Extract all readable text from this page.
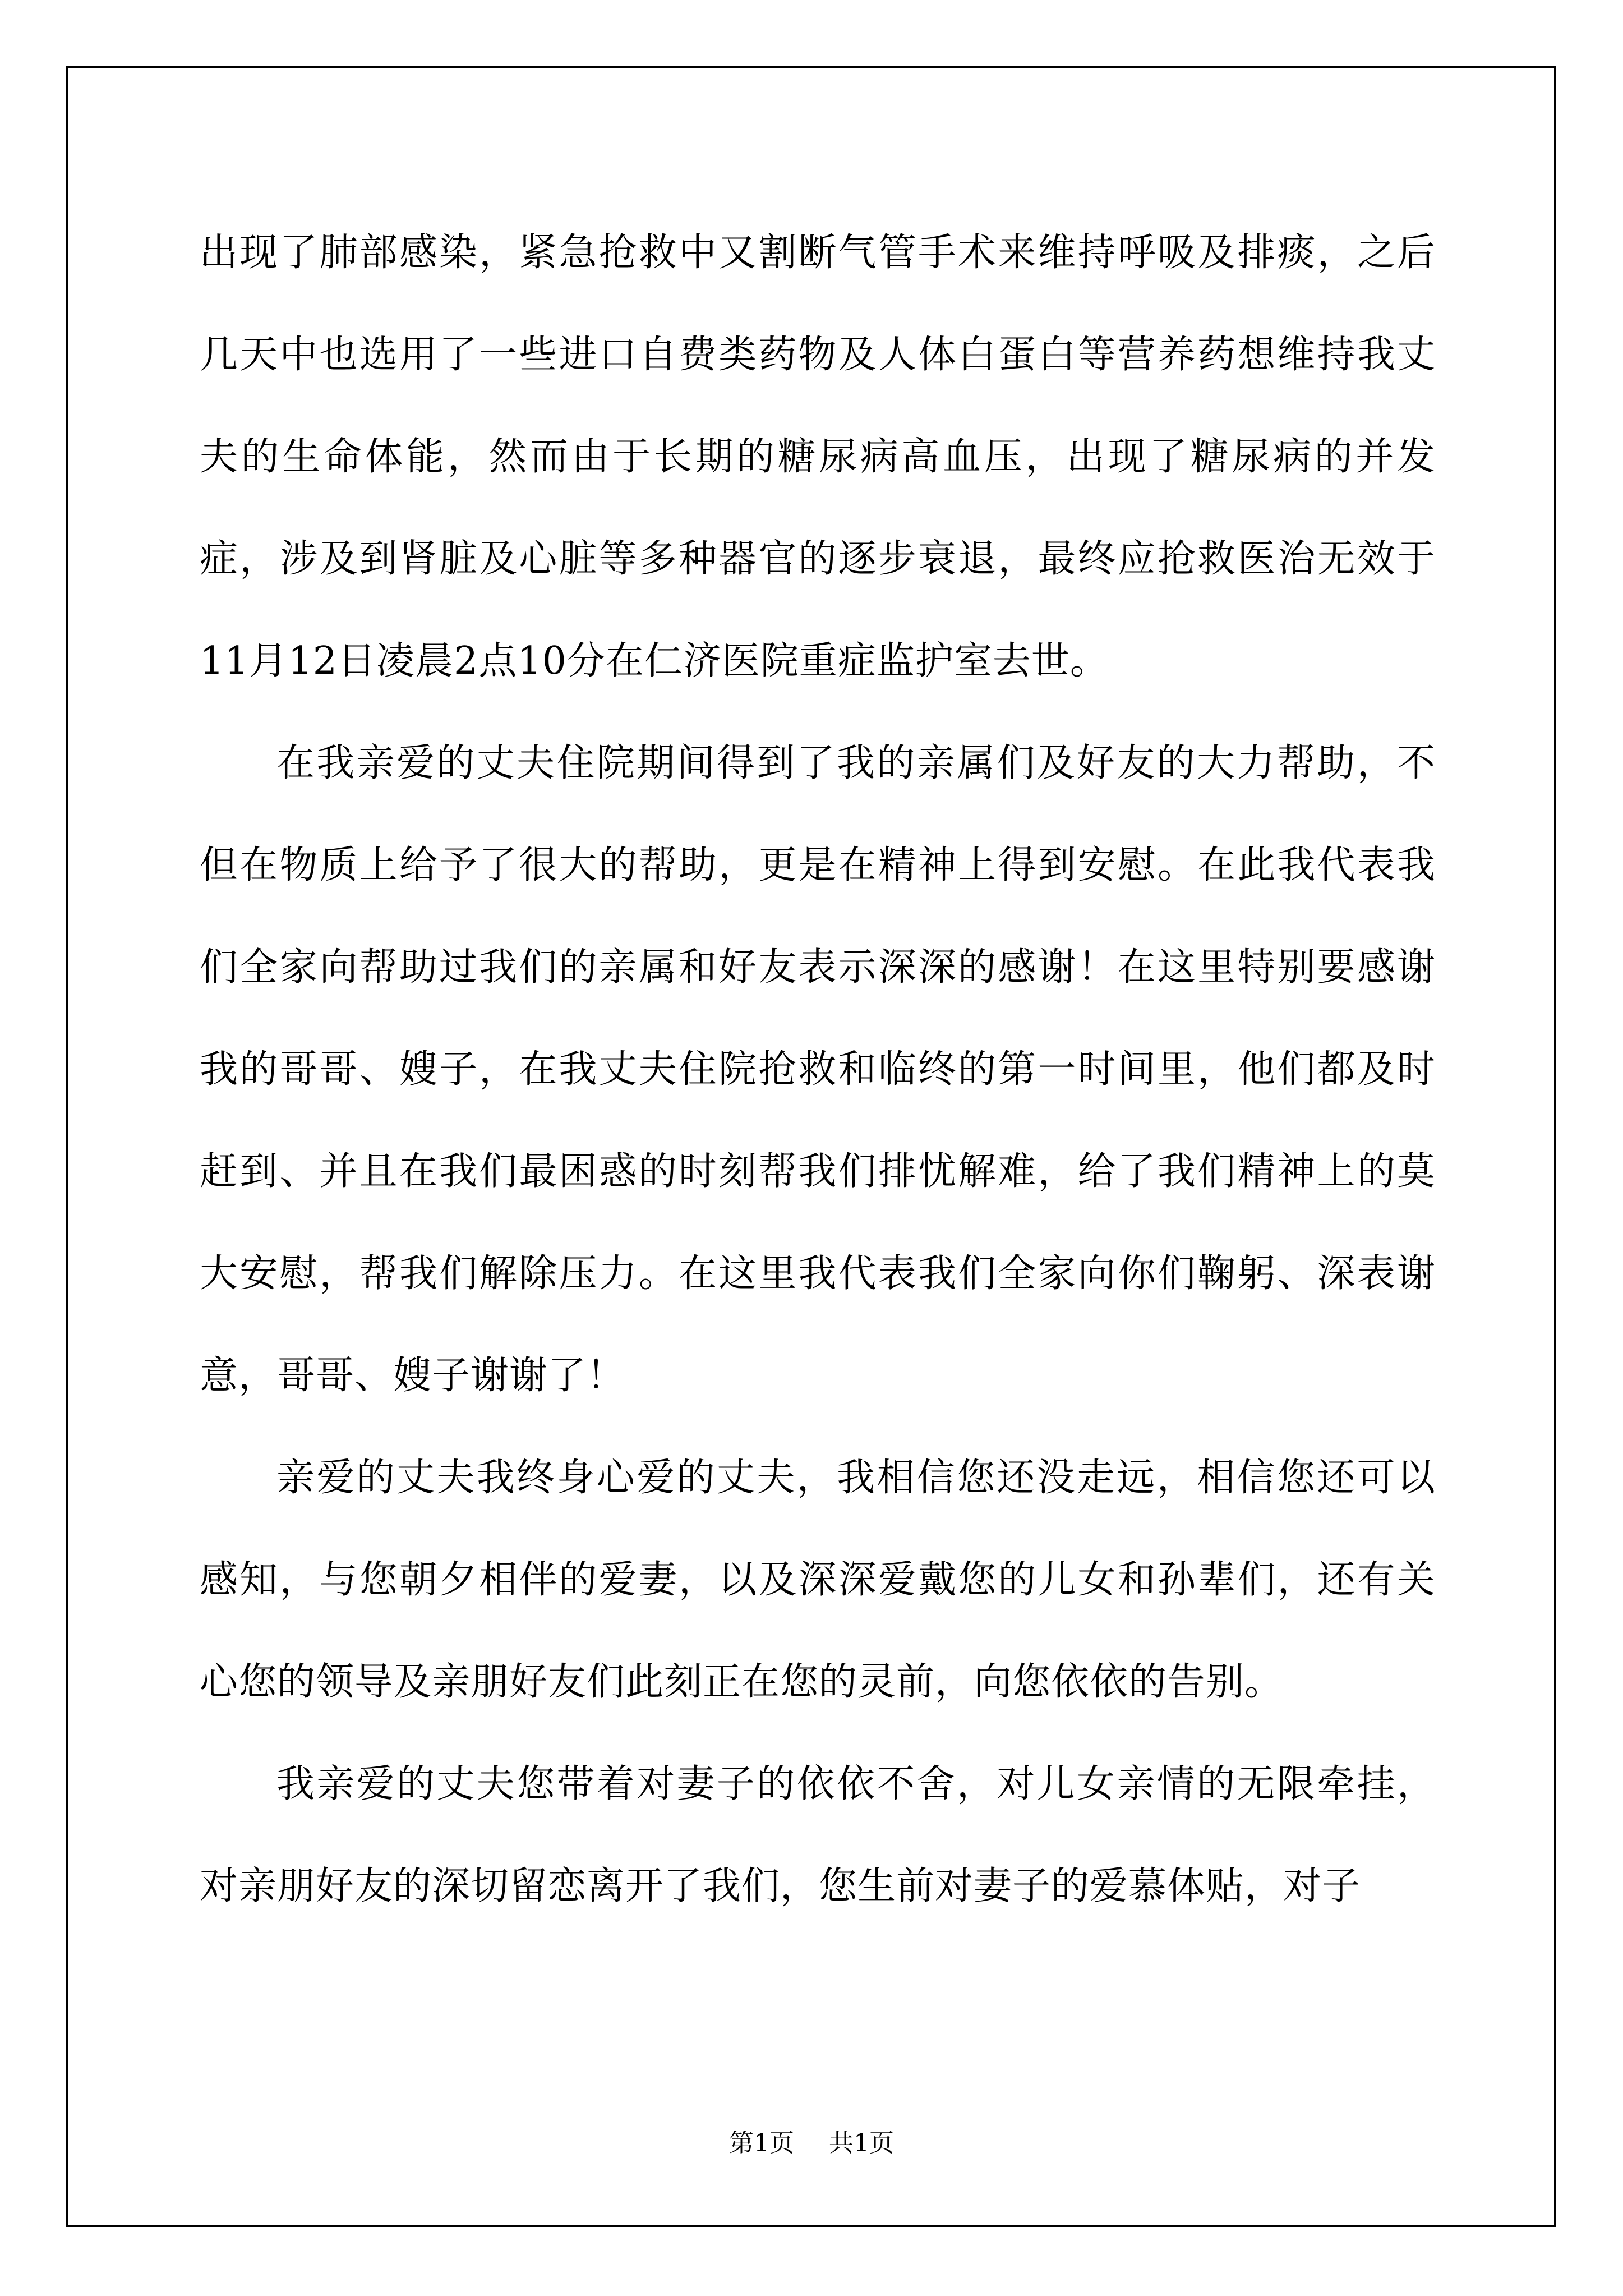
出现了肺部感染，紧急抢救中又割断气管手术来维持呼吸及排痰，之后几天中也选用了一些进口自费类药物及人体白蛋白等营养药想维持我丈夫的生命体能，然而由于长期的糖尿病高血压，出现了糖尿病的并发症，涉及到肾脏及心脏等多种器官的逐步衰退，最终应抢救医治无效于11月12日凌晨2点10分在仁济医院重症监护室去世。

在我亲爱的丈夫住院期间得到了我的亲属们及好友的大力帮助，不但在物质上给予了很大的帮助，更是在精神上得到安慰。在此我代表我们全家向帮助过我们的亲属和好友表示深深的感谢！在这里特别要感谢我的哥哥、嫂子，在我丈夫住院抢救和临终的第一时间里，他们都及时赶到、并且在我们最困惑的时刻帮我们排忧解难，给了我们精神上的莫大安慰，帮我们解除压力。在这里我代表我们全家向你们鞠躬、深表谢意，哥哥、嫂子谢谢了！

亲爱的丈夫我终身心爱的丈夫，我相信您还没走远，相信您还可以感知，与您朝夕相伴的爱妻，以及深深爱戴您的儿女和孙辈们，还有关心您的领导及亲朋好友们此刻正在您的灵前，向您依依的告别。

我亲爱的丈夫您带着对妻子的依依不舍，对儿女亲情的无限牵挂，对亲朋好友的深切留恋离开了我们，您生前对妻子的爱慕体贴，对子

第1页 共1页
